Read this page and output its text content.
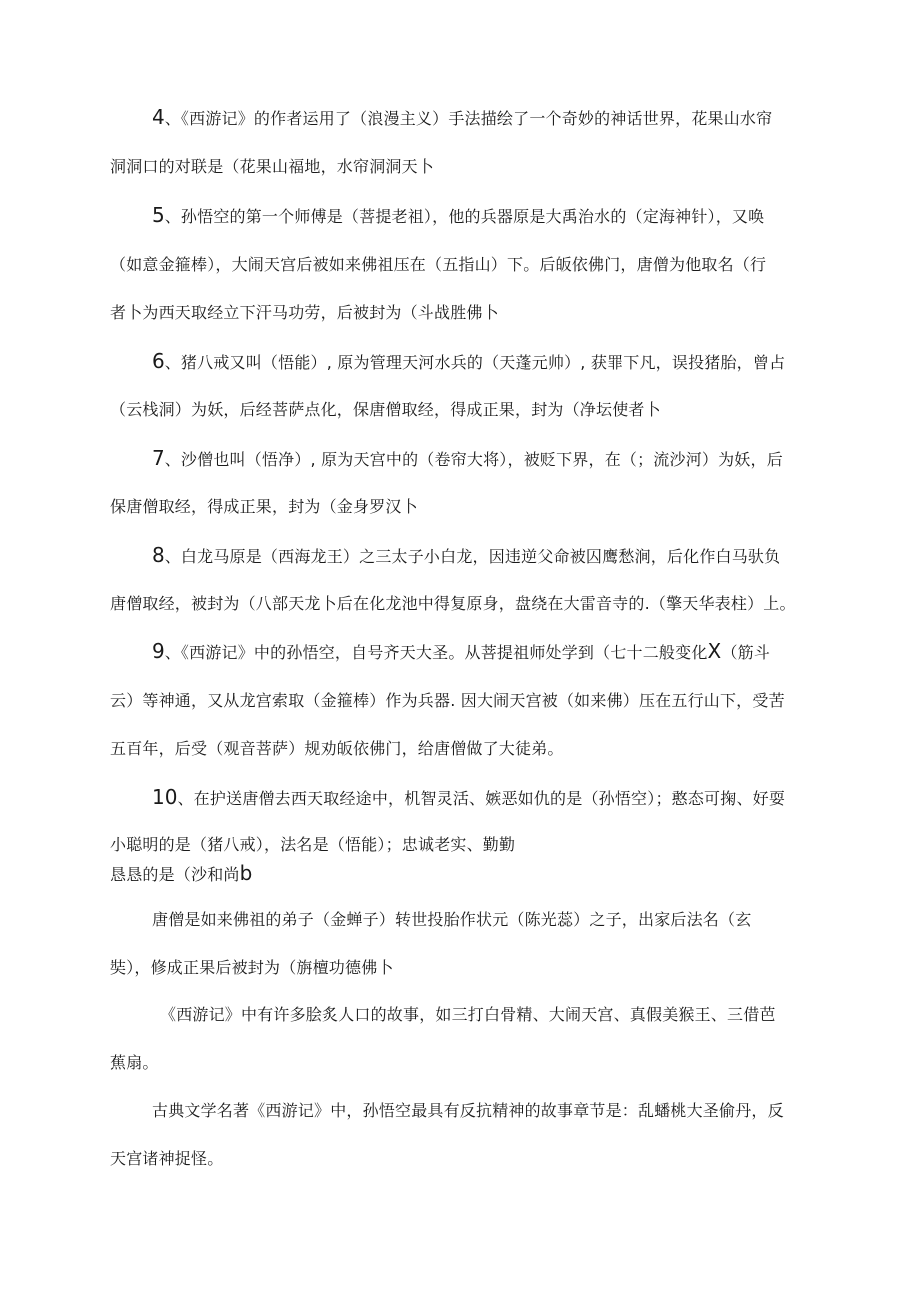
4、《西游记》的作者运用了（浪漫主义）手法描绘了一个奇妙的神话世界，花果山水帘
洞洞口的对联是（花果山福地，水帘洞洞天卜
5、孙悟空的第一个师傅是（菩提老祖），他的兵器原是大禹治水的（定海神针），又唤
（如意金箍棒），大闹天宫后被如来佛祖压在（五指山）下。后皈依佛门，唐僧为他取名（行
者卜为西天取经立下汗马功劳，后被封为（斗战胜佛卜
6、猪八戒又叫（悟能）, 原为管理天河水兵的（天蓬元帅）, 获罪下凡，误投猪胎，曾占
（云栈洞）为妖，后经菩萨点化，保唐僧取经，得成正果，封为（净坛使者卜
7、沙僧也叫（悟净）, 原为天宫中的（卷帘大将），被贬下界，在（；流沙河）为妖，后
保唐僧取经，得成正果，封为（金身罗汉卜
8、白龙马原是（西海龙王）之三太子小白龙，因违逆父命被囚鹰愁涧，后化作白马驮负
唐僧取经，被封为（八部天龙卜后在化龙池中得复原身，盘绕在大雷音寺的.（擎天华表柱）上。
9、《西游记》中的孙悟空，自号齐天大圣。从菩提祖师处学到（七十二般变化X（筋斗
云）等神通，又从龙宫索取（金箍棒）作为兵器. 因大闹天宫被（如来佛）压在五行山下，受苦
五百年，后受（观音菩萨）规劝皈依佛门，给唐僧做了大徒弟。
10、在护送唐僧去西天取经途中，机智灵活、嫉恶如仇的是（孙悟空）；憨态可掬、好耍
小聪明的是（猪八戒），法名是（悟能）；忠诚老实、勤勤
恳恳的是（沙和尚b
唐僧是如来佛祖的弟子（金蝉子）转世投胎作状元（陈光蕊）之子，出家后法名（玄
奘），修成正果后被封为（旃檀功德佛卜
《西游记》中有许多脍炙人口的故事，如三打白骨精、大闹天宫、真假美猴王、三借芭
蕉扇。
古典文学名著《西游记》中，孙悟空最具有反抗精神的故事章节是：乱蟠桃大圣偷丹，反
天宫诸神捉怪。
